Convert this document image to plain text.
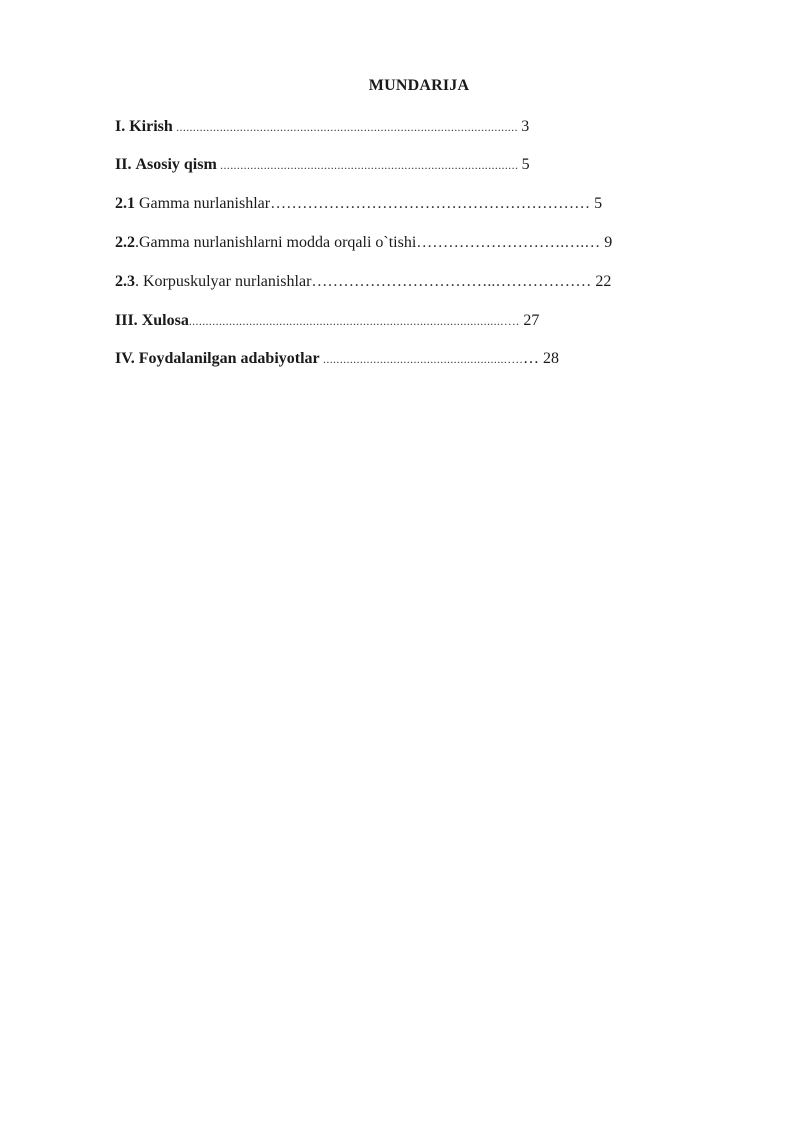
MUNDARIJA
I. Kirish ...................................................................................................... 3
II. Asosiy qism ......................................................................................... 5
2.1 Gamma nurlanishlar…………………………………………………… 5
2.2.Gamma nurlanishlarni modda orqali o`tishi……………………….….… 9
2.3. Korpuskulyar nurlanishlar……………………………..……………… 22
III. Xulosa..............................................................................................…. 27
IV. Foydalanilgan adabiyotlar .......................................................….… 28
